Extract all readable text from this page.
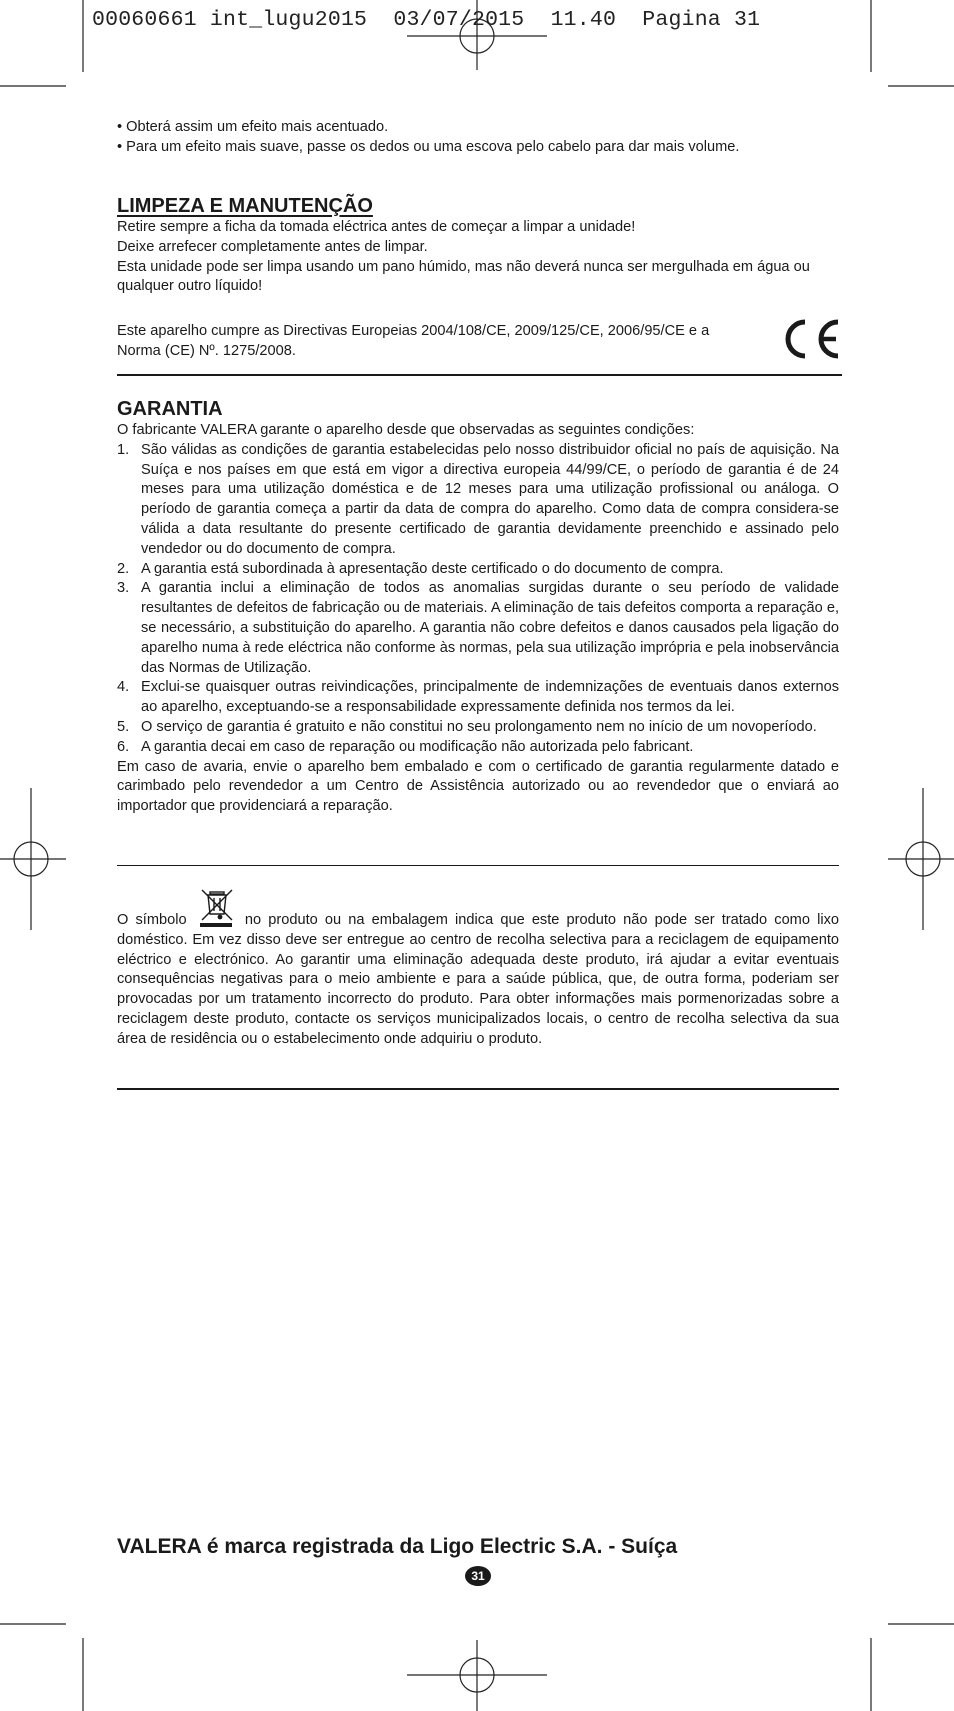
00060661 int_lugu2015  03/07/2015  11.40  Pagina 31

• Obterá assim um efeito mais acentuado.

• Para um efeito mais suave, passe os dedos ou uma escova pelo cabelo para dar mais volume.

LIMPEZA E MANUTENÇÃO

Retire sempre a ficha da tomada eléctrica antes de começar a limpar a unidade!

Deixe arrefecer completamente antes de limpar.

Esta unidade pode ser limpa usando um pano húmido, mas não deverá nunca ser mergulhada em água ou qualquer outro líquido!

Este aparelho cumpre as Directivas Europeias 2004/108/CE, 2009/125/CE, 2006/95/CE e a Norma (CE) Nº. 1275/2008.

GARANTIA

O fabricante VALERA garante o aparelho desde que observadas as seguintes condições:

1. São válidas as condições de garantia estabelecidas pelo nosso distribuidor oficial no país de aquisição. Na Suíça e nos países em que está em vigor a directiva europeia 44/99/CE, o período de garantia é de 24 meses para uma utilização doméstica e de 12 meses para uma utilização profissional ou análoga. O período de garantia começa a partir da data de compra do aparelho. Como data de compra considera-se válida a data resultante do presente certificado de garantia devidamente preenchido e assinado pelo vendedor ou do documento de compra.
2. A garantia está subordinada à apresentação deste certificado o do documento de compra.
3. A garantia inclui a eliminação de todos as anomalias surgidas durante o seu período de validade resultantes de defeitos de fabricação ou de materiais. A eliminação de tais defeitos comporta a reparação e, se necessário, a substituição do aparelho. A garantia não cobre defeitos e danos causados pela ligação do aparelho numa à rede eléctrica não conforme às normas, pela sua utilização imprópria e pela inobservância das Normas de Utilização.
4. Exclui-se quaisquer outras reivindicações, principalmente de indemnizações de eventuais danos externos ao aparelho, exceptuando-se a responsabilidade expressamente definida nos termos da lei.
5. O serviço de garantia é gratuito e não constitui no seu prolongamento nem no início de um novoperíodo.
6. A garantia decai em caso de reparação ou modificação não autorizada pelo fabricant.

Em caso de avaria, envie o aparelho bem embalado e com o certificado de garantia regularmente datado e carimbado pelo revendedor a um Centro de Assistência autorizado ou ao revendedor que o enviará ao importador que providenciará a reparação.

O símbolo	no produto ou na embalagem indica que este produto não pode ser tratado como lixo doméstico. Em vez disso deve ser entregue ao centro de recolha selectiva para a reciclagem de equipamento eléctrico e electrónico. Ao garantir uma eliminação adequada deste produto, irá ajudar a evitar eventuais consequências negativas para o meio ambiente e para a saúde pública, que, de outra forma, poderiam ser provocadas por um tratamento incorrecto do produto. Para obter informações mais pormenorizadas sobre a reciclagem deste produto, contacte os serviços municipalizados locais, o centro de recolha selectiva da sua área de residência ou o estabelecimento onde adquiriu o produto.
VALERA é marca registrada da Ligo Electric S.A. - Suíça
31
